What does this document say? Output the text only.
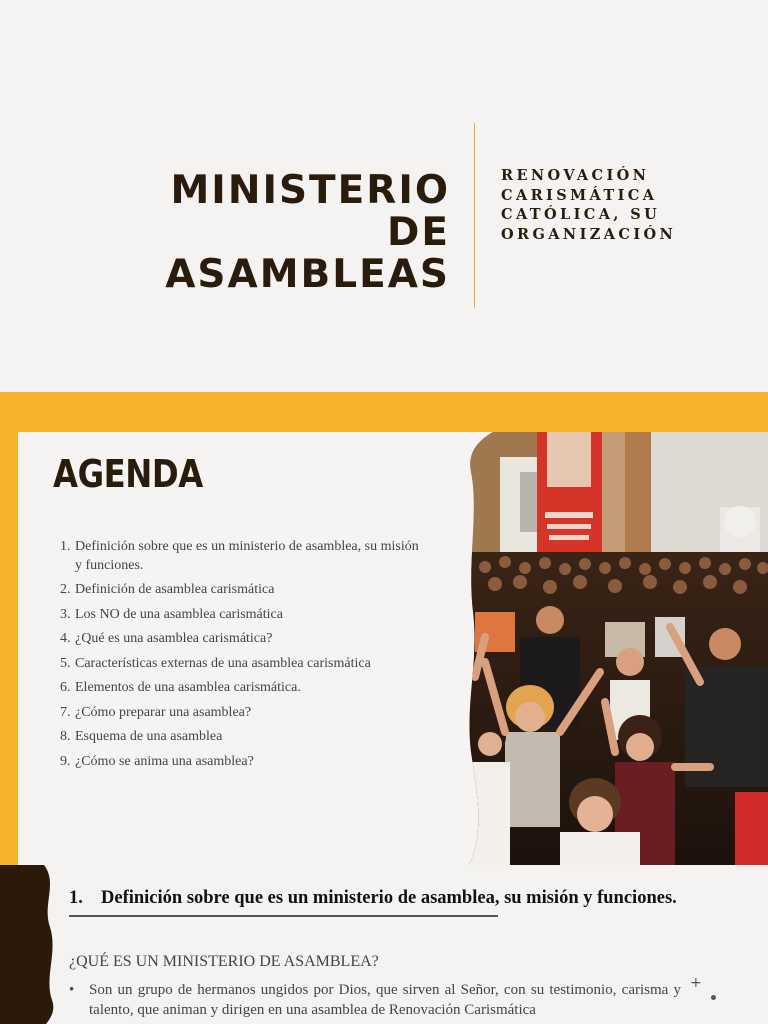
MINISTERIO DE
ASAMBLEAS
RENOVACIÓN
CARISMÁTICA
CATÓLICA, SU
ORGANIZACIÓN
AGENDA
1. Definición sobre que es un ministerio de asamblea, su misión y funciones.
2. Definición de asamblea carismática
3. Los NO de una asamblea carismática
4. ¿Qué es una asamblea carismática?
5. Características externas de una asamblea carismática
6. Elementos de una asamblea carismática.
7. ¿Cómo preparar una asamblea?
8. Esquema de una asamblea
9. ¿Cómo se anima una asamblea?
1. Definición sobre que es un ministerio de asamblea, su misión y funciones.
¿QUÉ ES UN MINISTERIO DE ASAMBLEA?
• Son un grupo de hermanos ungidos por Dios, que sirven al Señor, con su testimonio, carisma y talento, que animan y dirigen en una asamblea de Renovación Carismática
+
